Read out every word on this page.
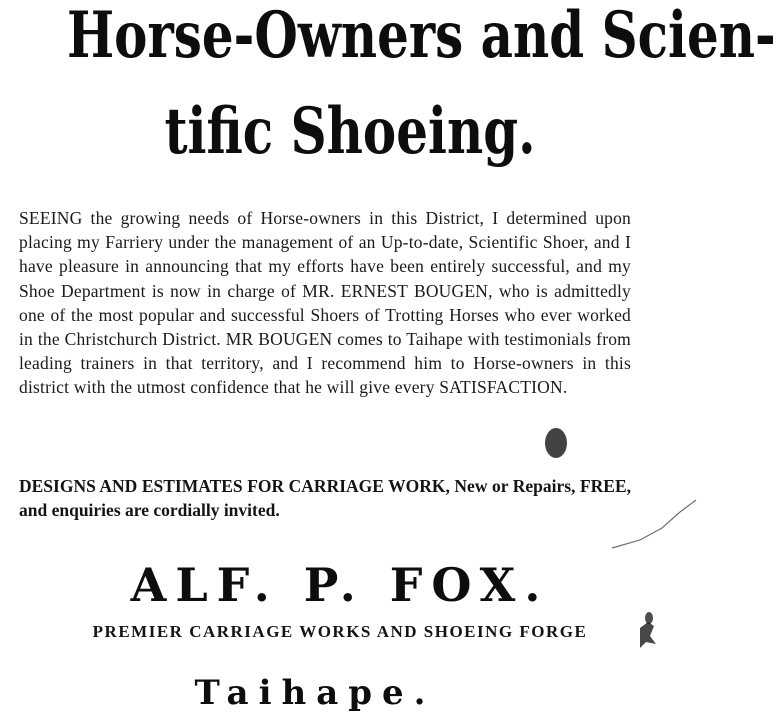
Horse-Owners and Scien-
tific Shoeing.

SEEING the growing needs of Horse-owners in this District, I determined upon placing my Farriery under the management of an Up-to-date, Scientific Shoer, and I have pleasure in announcing that my efforts have been entirely successful, and my Shoe Department is now in charge of MR. ERNEST BOUGEN, who is admittedly one of the most popular and successful Shoers of Trotting Horses who ever worked in the Christchurch District. MR BOUGEN comes to Taihape with testimonials from leading trainers in that territory, and I recommend him to Horse-owners in this district with the utmost confidence that he will give every SATISFACTION.

DESIGNS AND ESTIMATES FOR CARRIAGE WORK, New or Repairs, FREE, and enquiries are cordially invited.
ALF. P. FOX.
PREMIER CARRIAGE WORKS AND SHOEING FORGE
Taihape.
